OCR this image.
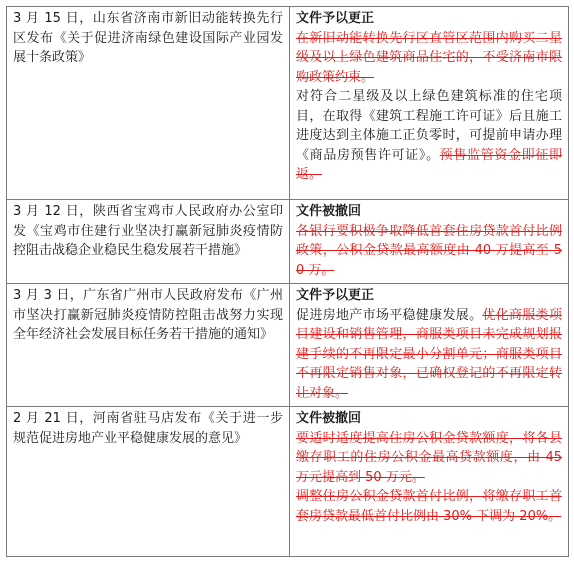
3 月 15 日，山东省济南市新旧动能转换先行区发布《关于促进济南绿色建设国际产业园发展十条政策》	文件予以更正
在新旧动能转换先行区直管区范围内购买二星级及以上绿色建筑商品住宅的，不受济南市限购政策约束。
对符合二星级及以上绿色建筑标准的住宅项目，在取得《建筑工程施工许可证》后且施工进度达到主体施工正负零时，可提前申请办理《商品房预售许可证》。预售监管资金即征即返。
3 月 12 日，陕西省宝鸡市人民政府办公室印发《宝鸡市住建行业坚决打赢新冠肺炎疫情防控阻击战稳企业稳民生稳发展若干措施》	文件被撤回
各银行要积极争取降低首套住房贷款首付比例政策，公积金贷款最高额度由 40 万提高至 50 万。
3 月 3 日，广东省广州市人民政府发布《广州市坚决打赢新冠肺炎疫情防控阻击战努力实现全年经济社会发展目标任务若干措施的通知》	文件予以更正
促进房地产市场平稳健康发展。优化商服类项目建设和销售管理，商服类项目未完成规划报建手续的不再限定最小分割单元；商服类项目不再限定销售对象，已确权登记的不再限定转让对象。
2 月 21 日，河南省驻马店发布《关于进一步规范促进房地产业平稳健康发展的意见》	文件被撤回
要适时适度提高住房公积金贷款额度，将各县缴存职工的住房公积金最高贷款额度，由 45 万元提高到 50 万元。
调整住房公积金贷款首付比例，将缴存职工首套房贷款最低首付比例由 30% 下调为 20%。
